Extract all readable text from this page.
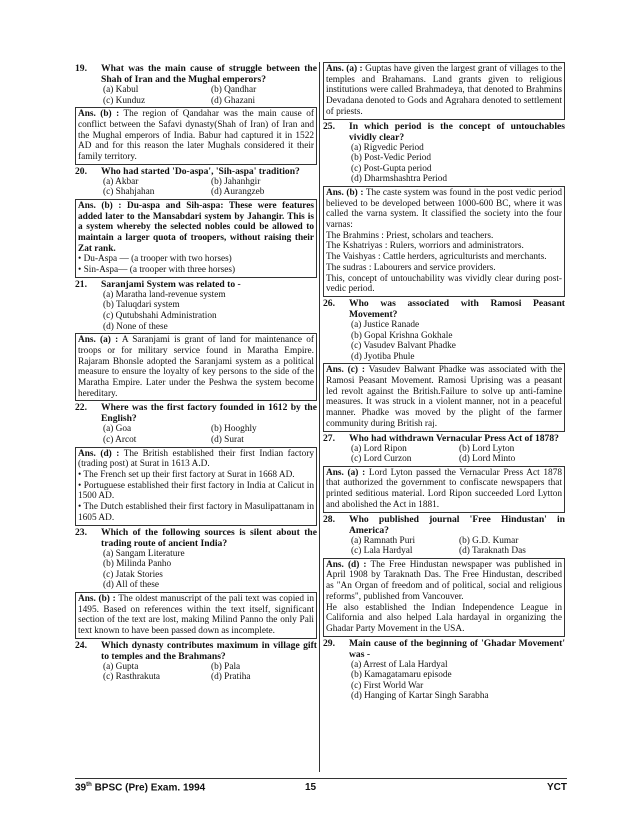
19.	What was the main cause of struggle between the Shah of Iran and the Mughal emperors?
(a) Kabul	(b) Qandhar
(c) Kunduz	(d) Ghazani

Ans. (b) : The region of Qandahar was the main cause of conflict between the Safavi dynasty(Shah of Iran) of Iran and the Mughal emperors of India. Babur had captured it in 1522 AD and for this reason the later Mughals considered it their family territory.

20.	Who had started 'Do-aspa', 'Sih-aspa' tradition?
(a) Akbar	(b) Jahanhgir
(c) Shahjahan	(d) Aurangzeb

Ans. (b) : Du-aspa and Sih-aspa: These were features added later to the Mansabdari system by Jahangir. This is a system whereby the selected nobles could be allowed to maintain a larger quota of troopers, without raising their Zat rank.

• Du-Aspa — (a trooper with two horses)

• Sin-Aspa— (a trooper with three horses)

21.	Saranjami System was related to -
(a) Maratha land-revenue system
(b) Taluqdari system
(c) Qutubshahi Administration
(d) None of these

Ans. (a) : A Saranjami is grant of land for maintenance of troops or for military service found in Maratha Empire. Rajaram Bhonsle adopted the Saranjami system as a political measure to ensure the loyalty of key persons to the side of the Maratha Empire. Later under the Peshwa the system become hereditary.

22.	Where was the first factory founded in 1612 by the English?
(a) Goa	(b) Hooghly
(c) Arcot	(d) Surat

Ans. (d) : The British established their first Indian factory (trading post) at Surat in 1613 A.D.

• The French set up their first factory at Surat in 1668 AD.

• Portuguese established their first factory in India at Calicut in 1500 AD.

• The Dutch established their first factory in Masulipattanam in 1605 AD.

23.	Which of the following sources is silent about the trading route of ancient India?
(a) Sangam Literature
(b) Milinda Panho
(c) Jatak Stories
(d) All of these

Ans. (b) : The oldest manuscript of the pali text was copied in 1495. Based on references within the text itself, significant section of the text are lost, making Milind Panno the only Pali text known to have been passed down as incomplete.

24.	Which dynasty contributes maximum in village gift to temples and the Brahmans?
(a) Gupta	(b) Pala
(c) Rasthrakuta	(d) Pratiha

Ans. (a) : Guptas have given the largest grant of villages to the temples and Brahamans. Land grants given to religious institutions were called Brahmadeya, that denoted to Brahmins Devadana denoted to Gods and Agrahara denoted to settlement of priests.

25.	In which period is the concept of untouchables vividly clear?
(a) Rigvedic Period
(b) Post-Vedic Period
(c) Post-Gupta period
(d) Dharmshashtra Period

Ans. (b) : The caste system was found in the post vedic period believed to be developed between 1000-600 BC, where it was called the varna system. It classified the society into the four varnas:

The Brahmins : Priest, scholars and teachers.

The Kshatriyas : Rulers, worriors and administrators.

The Vaishyas : Cattle herders, agriculturists and merchants.

The sudras : Labourers and service providers.

This, concept of untouchability was vividly clear during post-vedic period.

26.	Who was associated with Ramosi Peasant Movement?
(a) Justice Ranade
(b) Gopal Krishna Gokhale
(c) Vasudev Balvant Phadke
(d) Jyotiba Phule

Ans. (c) : Vasudev Balwant Phadke was associated with the Ramosi Peasant Movement. Ramosi Uprising was a peasant led revolt against the British.Failure to solve up anti-famine measures. It was struck in a violent manner, not in a peaceful manner. Phadke was moved by the plight of the farmer community during British raj.

27.	Who had withdrawn Vernacular Press Act of 1878?
(a) Lord Ripon	(b) Lord Lyton
(c) Lord Curzon	(d) Lord Minto

Ans. (a) : Lord Lyton passed the Vernacular Press Act 1878 that authorized the government to confiscate newspapers that printed seditious material. Lord Ripon succeeded Lord Lytton and abolished the Act in 1881.

28.	Who published journal 'Free Hindustan' in America?
(a) Ramnath Puri	(b) G.D. Kumar
(c) Lala Hardyal	(d) Taraknath Das

Ans. (d) : The Free Hindustan newspaper was published in April 1908 by Taraknath Das. The Free Hindustan, described as "An Organ of freedom and of political, social and religious reforms", published from Vancouver.

He also established the Indian Independence League in California and also helped Lala hardayal in organizing the Ghadar Party Movement in the USA.

29.	Main cause of the beginning of 'Ghadar Movement' was -
(a) Arrest of Lala Hardyal
(b) Kamagatamaru episode
(c) First World War
(d) Hanging of Kartar Singh Sarabha
39th BPSC (Pre) Exam. 1994	15	YCT
